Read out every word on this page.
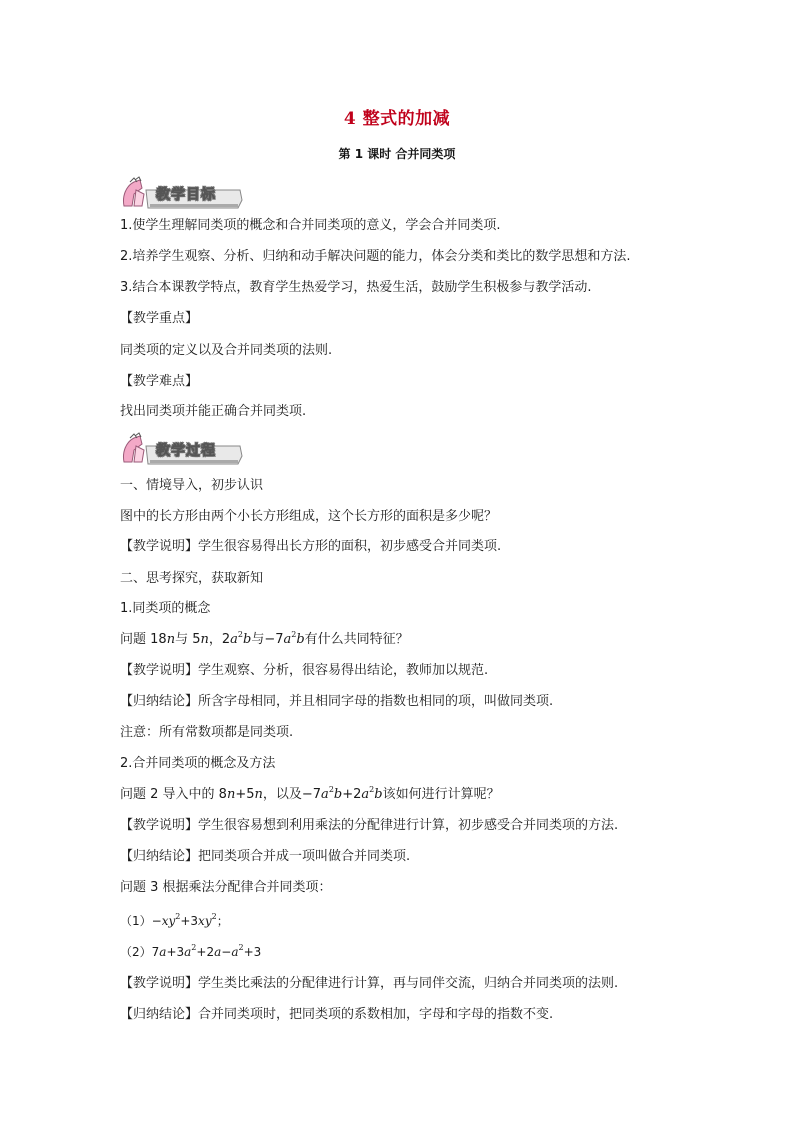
4 整式的加减
第 1 课时 合并同类项
教学目标
1.使学生理解同类项的概念和合并同类项的意义，学会合并同类项.
2.培养学生观察、分析、归纳和动手解决问题的能力，体会分类和类比的数学思想和方法.
3.结合本课教学特点，教育学生热爱学习，热爱生活，鼓励学生积极参与教学活动.
【教学重点】
同类项的定义以及合并同类项的法则.
【教学难点】
找出同类项并能正确合并同类项.
教学过程
一、情境导入，初步认识
图中的长方形由两个小长方形组成，这个长方形的面积是多少呢？
【教学说明】学生很容易得出长方形的面积，初步感受合并同类项.
二、思考探究，获取新知
1.同类项的概念
问题 18n与 5n，$2a^2b$与$-7a^2b$有什么共同特征？
【教学说明】学生观察、分析，很容易得出结论，教师加以规范.
【归纳结论】所含字母相同，并且相同字母的指数也相同的项，叫做同类项.
注意：所有常数项都是同类项.
2.合并同类项的概念及方法
问题 2 导入中的 8n+5n，以及$-7a^2b+2a^2b$该如何进行计算呢？
【教学说明】学生很容易想到利用乘法的分配律进行计算，初步感受合并同类项的方法.
【归纳结论】把同类项合并成一项叫做合并同类项.
问题 3 根据乘法分配律合并同类项：
$(1)-xy^2+3xy^2$；
$(2)7a+3a^2+2a-a^2+3$
【教学说明】学生类比乘法的分配律进行计算，再与同伴交流，归纳合并同类项的法则.
【归纳结论】合并同类项时，把同类项的系数相加，字母和字母的指数不变.
